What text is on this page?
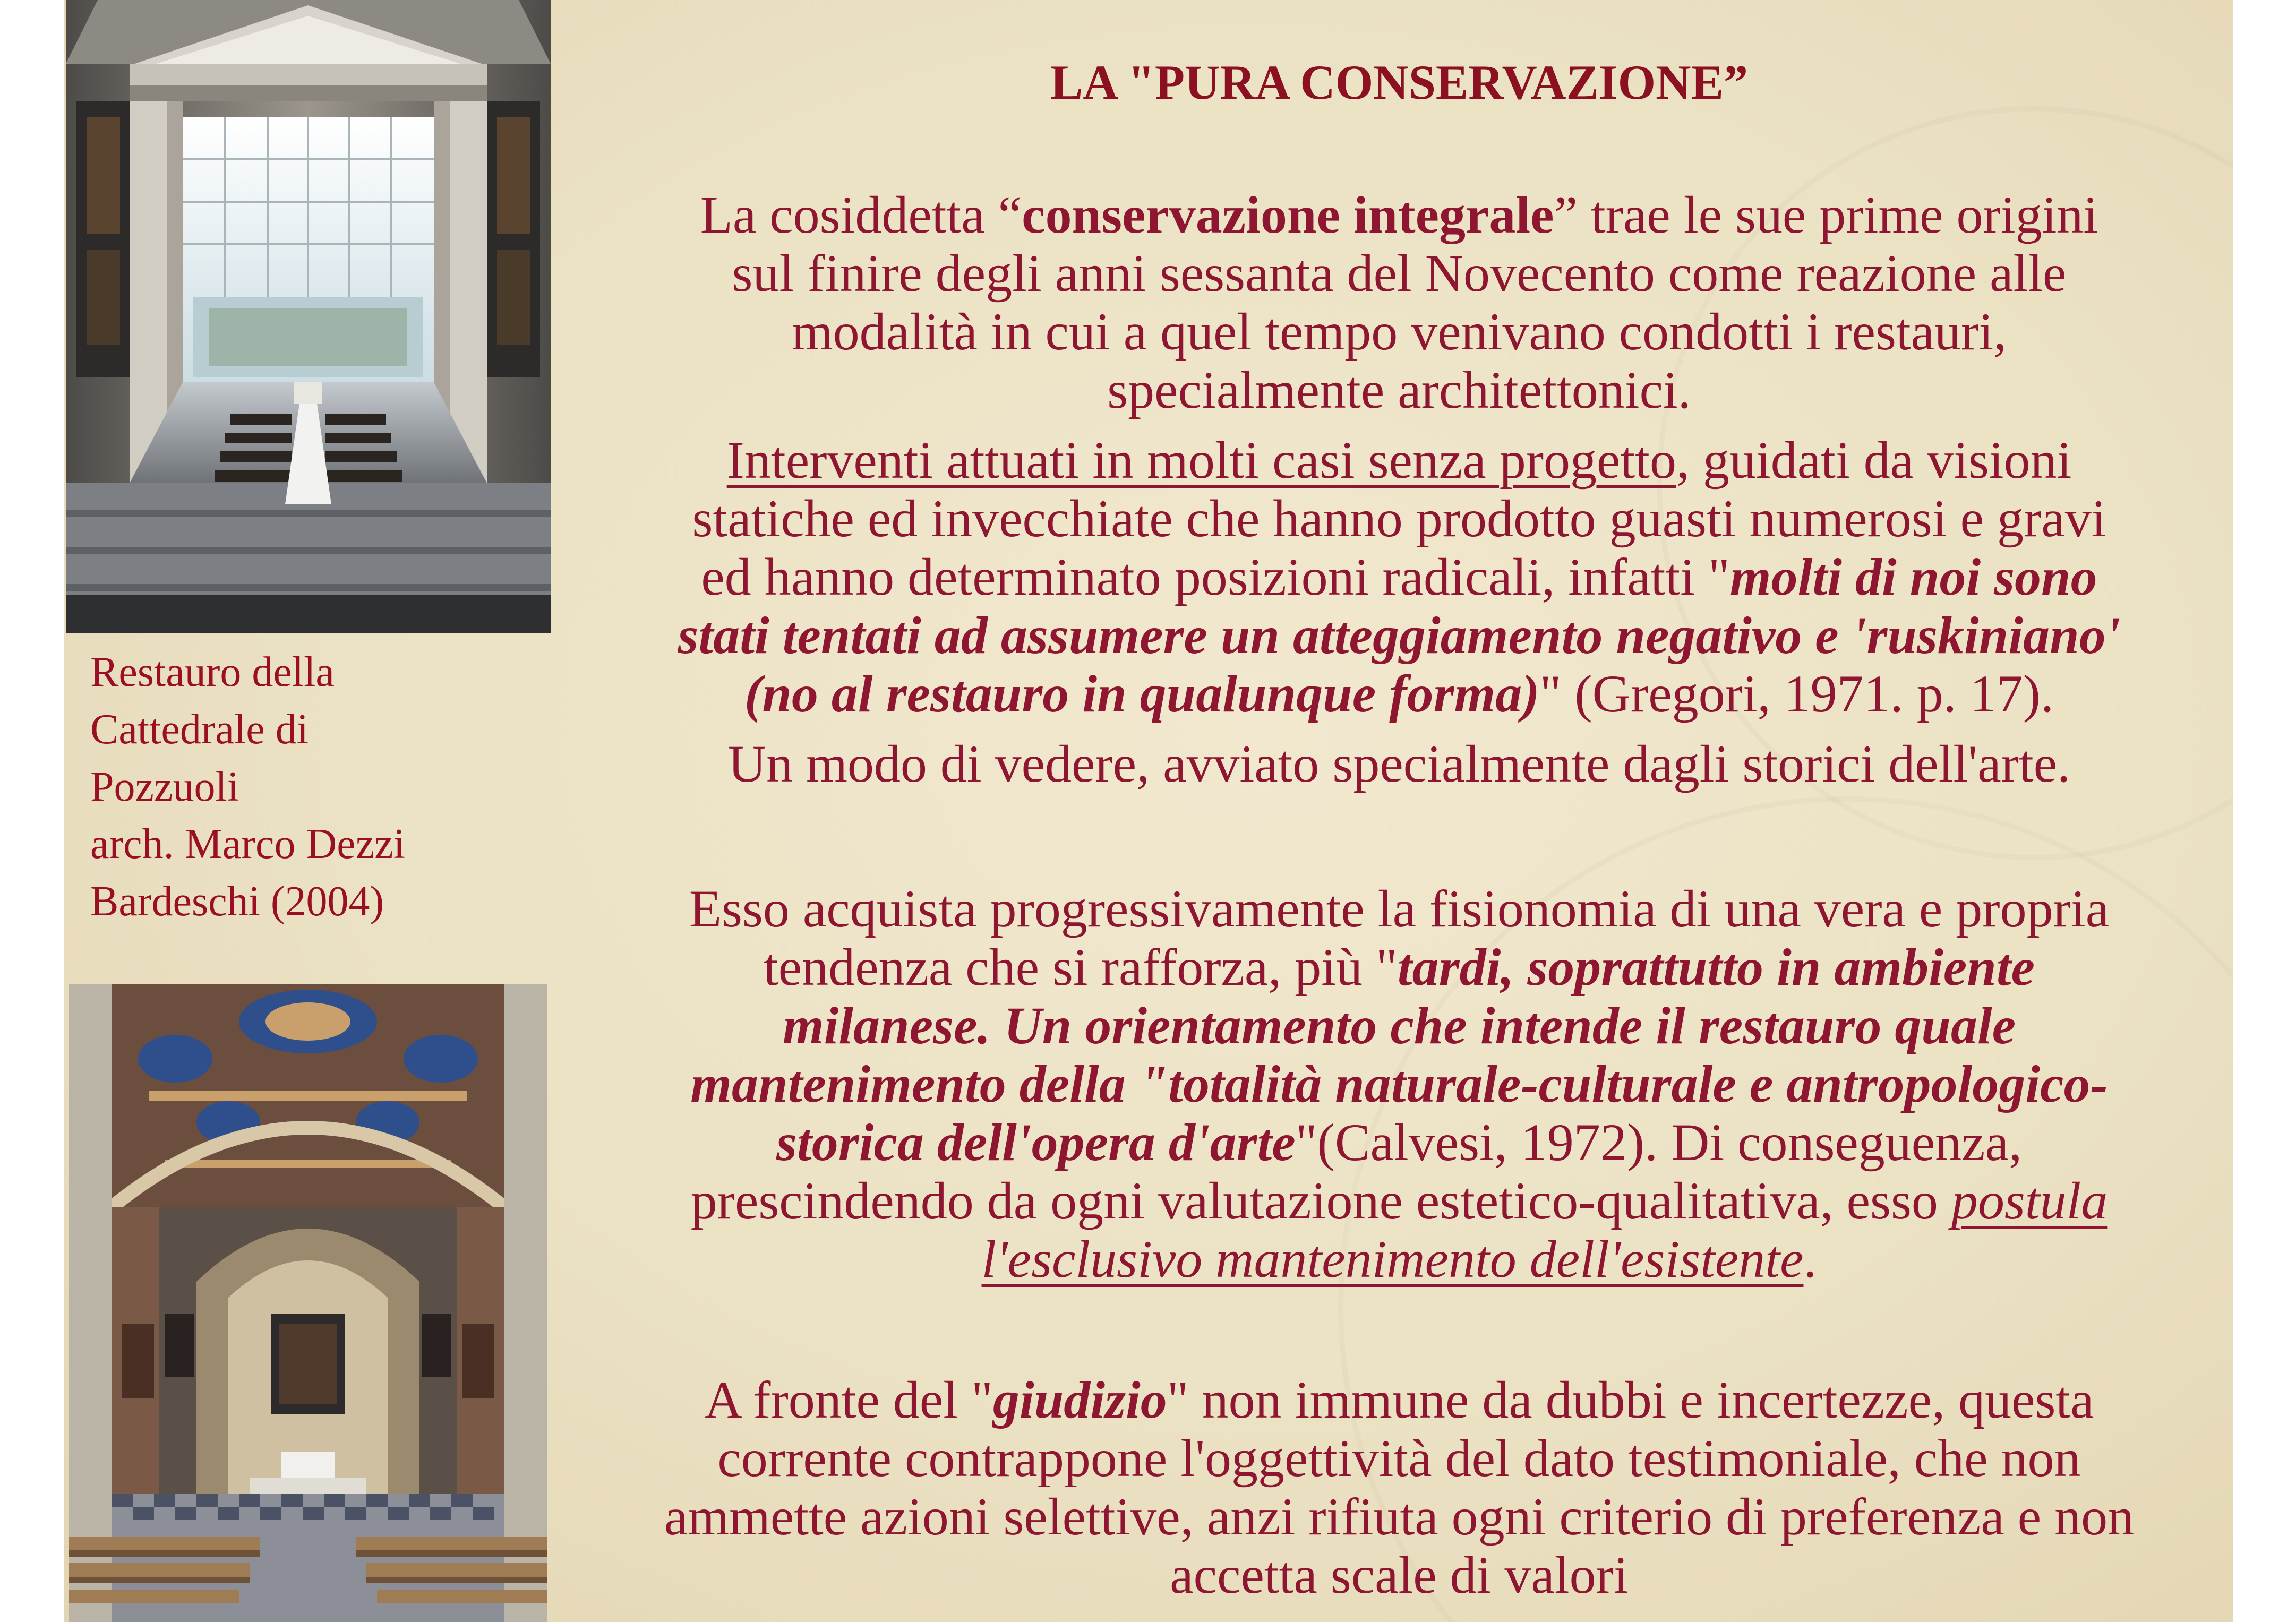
Restauro della
Cattedrale di
Pozzuoli
arch. Marco Dezzi
Bardeschi (2004)
LA "PURA CONSERVAZIONE”
La cosiddetta “conservazione integrale” trae le sue prime origini
sul finire degli anni sessanta del Novecento come reazione alle
modalità in cui a quel tempo venivano condotti i restauri,
specialmente architettonici.
Interventi attuati in molti casi senza progetto, guidati da visioni
statiche ed invecchiate che hanno prodotto guasti numerosi e gravi
ed hanno determinato posizioni radicali, infatti "molti di noi sono
stati tentati ad assumere un atteggiamento negativo e 'ruskiniano'
(no al restauro in qualunque forma)" (Gregori, 1971. p. 17).
Un modo di vedere, avviato specialmente dagli storici dell'arte.
Esso acquista progressivamente la fisionomia di una vera e propria
tendenza che si rafforza, più "tardi, soprattutto in ambiente
milanese. Un orientamento che intende il restauro quale
mantenimento della "totalità naturale-culturale e antropologico-
storica dell'opera d'arte"(Calvesi, 1972). Di conseguenza,
prescindendo da ogni valutazione estetico-qualitativa, esso postula
l'esclusivo mantenimento dell'esistente.
A fronte del "giudizio" non immune da dubbi e incertezze, questa
corrente contrappone l'oggettività del dato testimoniale, che non
ammette azioni selettive, anzi rifiuta ogni criterio di preferenza e non
accetta scale di valori
